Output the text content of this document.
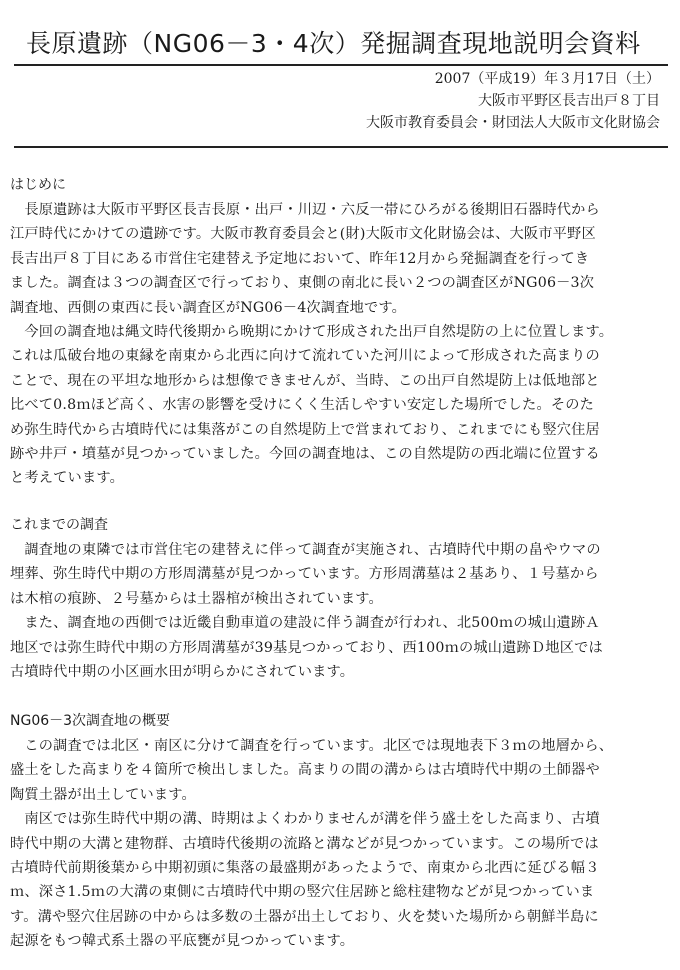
長原遺跡（NG06－3・4次）発掘調査現地説明会資料
2007（平成19）年３月17日（土）
大阪市平野区長吉出戸８丁目
大阪市教育委員会・財団法人大阪市文化財協会
はじめに

　長原遺跡は大阪市平野区長吉長原・出戸・川辺・六反一帯にひろがる後期旧石器時代から

江戸時代にかけての遺跡です。大阪市教育委員会と(財)大阪市文化財協会は、大阪市平野区

長吉出戸８丁目にある市営住宅建替え予定地において、昨年12月から発掘調査を行ってき

ました。調査は３つの調査区で行っており、東側の南北に長い２つの調査区がNG06－3次

調査地、西側の東西に長い調査区がNG06－4次調査地です。

　今回の調査地は縄文時代後期から晩期にかけて形成された出戸自然堤防の上に位置します。

これは瓜破台地の東縁を南東から北西に向けて流れていた河川によって形成された高まりの

ことで、現在の平坦な地形からは想像できませんが、当時、この出戸自然堤防上は低地部と

比べて0.8ｍほど高く、水害の影響を受けにくく生活しやすい安定した場所でした。そのた

め弥生時代から古墳時代には集落がこの自然堤防上で営まれており、これまでにも竪穴住居

跡や井戸・墳墓が見つかっていました。今回の調査地は、この自然堤防の西北端に位置する

と考えています。

これまでの調査

　調査地の東隣では市営住宅の建替えに伴って調査が実施され、古墳時代中期の畠やウマの

埋葬、弥生時代中期の方形周溝墓が見つかっています。方形周溝墓は２基あり、１号墓から

は木棺の痕跡、２号墓からは土器棺が検出されています。

　また、調査地の西側では近畿自動車道の建設に伴う調査が行われ、北500ｍの城山遺跡Ａ

地区では弥生時代中期の方形周溝墓が39基見つかっており、西100ｍの城山遺跡Ｄ地区では

古墳時代中期の小区画水田が明らかにされています。

NG06－3次調査地の概要

　この調査では北区・南区に分けて調査を行っています。北区では現地表下３ｍの地層から、

盛土をした高まりを４箇所で検出しました。高まりの間の溝からは古墳時代中期の土師器や

陶質土器が出土しています。

　南区では弥生時代中期の溝、時期はよくわかりませんが溝を伴う盛土をした高まり、古墳

時代中期の大溝と建物群、古墳時代後期の流路と溝などが見つかっています。この場所では

古墳時代前期後葉から中期初頭に集落の最盛期があったようで、南東から北西に延びる幅３

ｍ、深さ1.5ｍの大溝の東側に古墳時代中期の竪穴住居跡と総柱建物などが見つかっていま

す。溝や竪穴住居跡の中からは多数の土器が出土しており、火を焚いた場所から朝鮮半島に

起源をもつ韓式系土器の平底甕が見つかっています。
